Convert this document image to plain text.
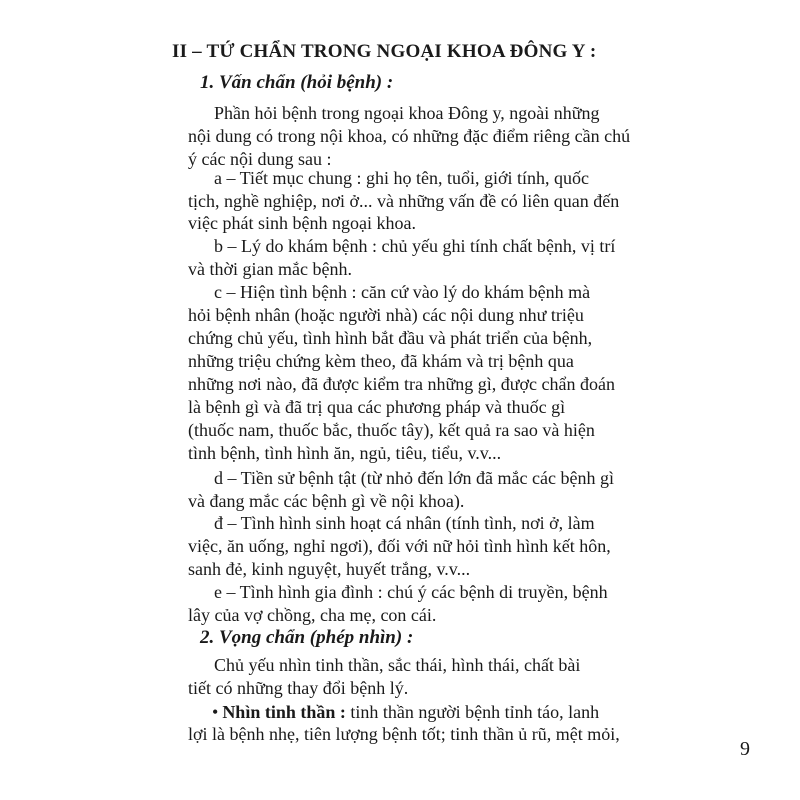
II – TỨ CHẨN TRONG NGOẠI KHOA ĐÔNG Y :
1. Vấn chẩn (hỏi bệnh) :
Phần hỏi bệnh trong ngoại khoa Đông y, ngoài những
nội dung có trong nội khoa, có những đặc điểm riêng cần chú
ý các nội dung sau :
a – Tiết mục chung : ghi họ tên, tuổi, giới tính, quốc
tịch, nghề nghiệp, nơi ở... và những vấn đề có liên quan đến
việc phát sinh bệnh ngoại khoa.
b – Lý do khám bệnh : chủ yếu ghi tính chất bệnh, vị trí
và thời gian mắc bệnh.
c – Hiện tình bệnh : căn cứ vào lý do khám bệnh mà
hỏi bệnh nhân (hoặc người nhà) các nội dung như triệu
chứng chủ yếu, tình hình bắt đầu và phát triển của bệnh,
những triệu chứng kèm theo, đã khám và trị bệnh qua
những nơi nào, đã được kiểm tra những gì, được chẩn đoán
là bệnh gì và đã trị qua các phương pháp và thuốc gì
(thuốc nam, thuốc bắc, thuốc tây), kết quả ra sao và hiện
tình bệnh, tình hình ăn, ngủ, tiêu, tiểu, v.v...
d – Tiền sử bệnh tật (từ nhỏ đến lớn đã mắc các bệnh gì
và đang mắc các bệnh gì về nội khoa).
đ – Tình hình sinh hoạt cá nhân (tính tình, nơi ở, làm
việc, ăn uống, nghỉ ngơi), đối với nữ hỏi tình hình kết hôn,
sanh đẻ, kinh nguyệt, huyết trắng, v.v...
e – Tình hình gia đình : chú ý các bệnh di truyền, bệnh
lây của vợ chồng, cha mẹ, con cái.
2. Vọng chẩn (phép nhìn) :
Chủ yếu nhìn tinh thần, sắc thái, hình thái, chất bài
tiết có những thay đổi bệnh lý.
• Nhìn tinh thần : tinh thần người bệnh tỉnh táo, lanh
lợi là bệnh nhẹ, tiên lượng bệnh tốt; tinh thần ủ rũ, mệt mỏi,
9
